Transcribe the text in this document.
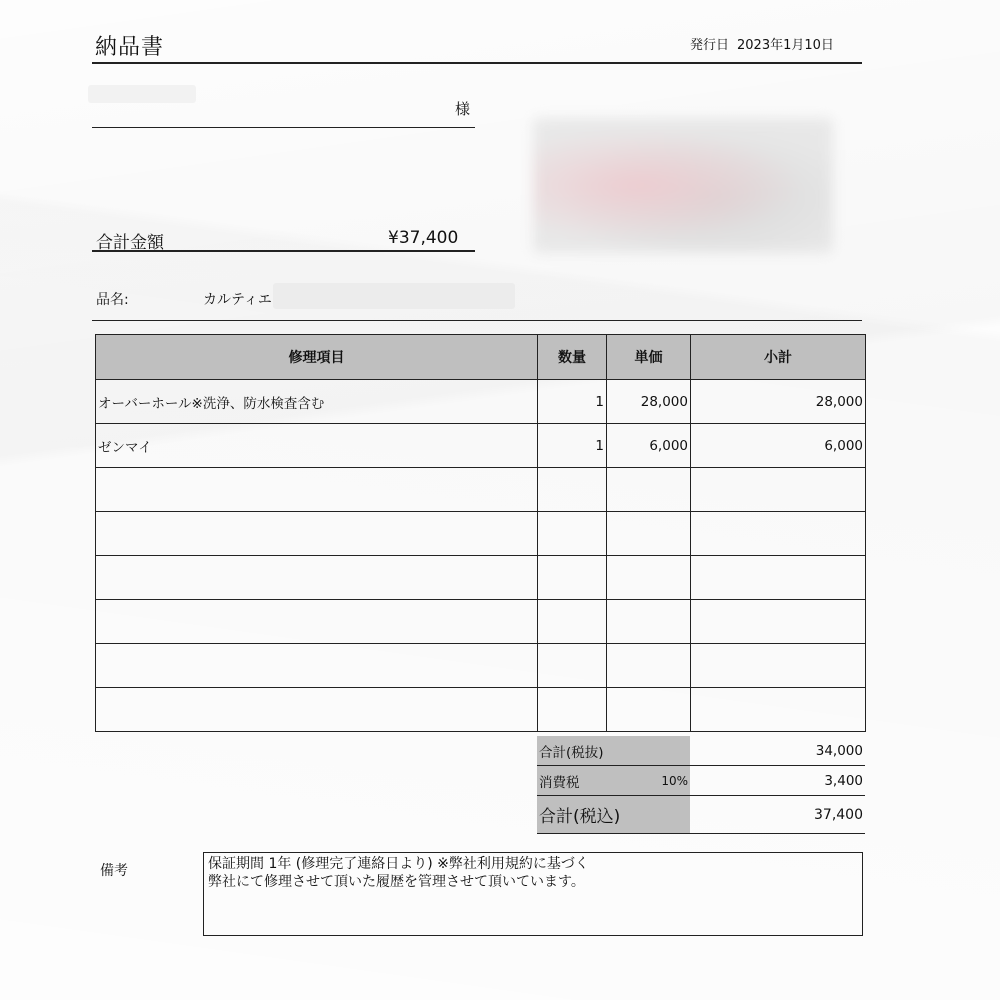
納品書	発行日 2023年1月10日
様
合計金額	¥37,400
品名:	カルティエ
修理項目	数量	単価	小計
オーバーホール※洗浄、防水検査含む	1	28,000	28,000
ゼンマイ	1	6,000	6,000

合計(税抜)	34,000
消費税 10%	3,400
合計(税込)	37,400
備考	保証期間 1年 (修理完了連絡日より) ※弊社利用規約に基づく
弊社にて修理させて頂いた履歴を管理させて頂いています。
